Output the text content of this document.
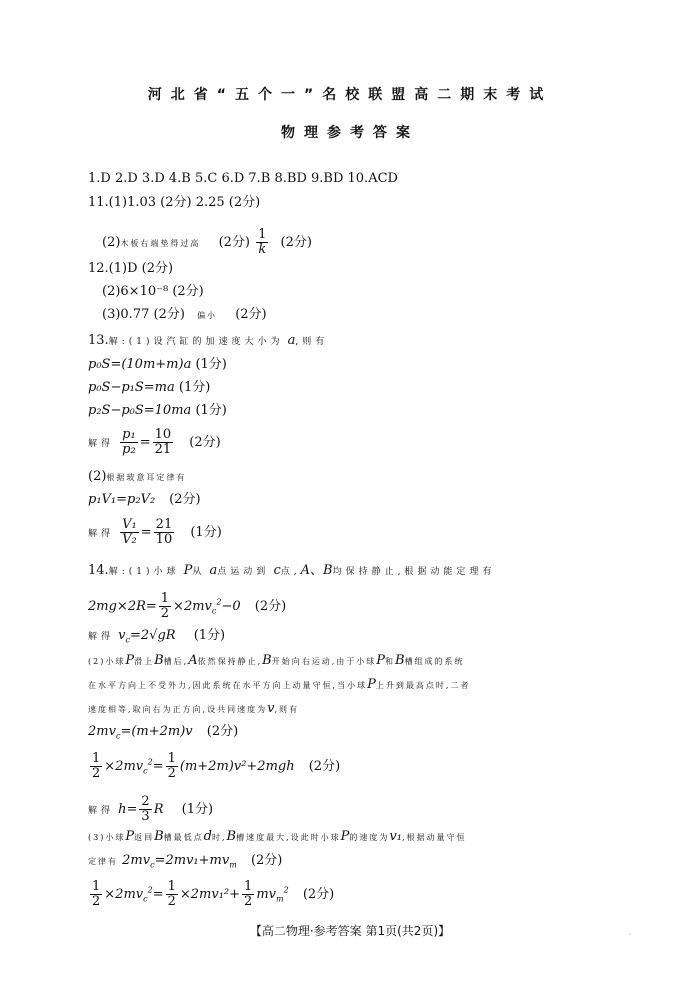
河北省“五个一”名校联盟高二期末考试
物理参考答案
1.D 2.D 3.D 4.B 5.C 6.D 7.B 8.BD 9.BD 10.ACD
11.(1)1.03 (2分) 2.25 (2分)
(2)木板右端垫得过高 (2分) $\frac{1}{k} (2$分)
12.(1)D (2分)
(2)6×10⁻⁸ (2分)
(3)0.77 (2分) 偏小 (2分)
13.解:(1)设汽缸的加速度大小为 a,则有
p₀S=(10m+m)a (1分)
p₀S−p₁S=ma (1分)
p₂S−p₀S=10ma (1分)
解得 $\frac{\text{p₁}}{\text{p₂}} = \frac{10}{21} (2$分)
(2)根据玻意耳定律有
p₁V₁=p₂V₂ (2分)
解得 $\frac{\text{V₁}}{\text{V₂}} = \frac{21}{10} (1$分)
14.解:(1)小球 P从 a点运动到 c点,A、B均保持静止,根据动能定理有
$2mg\times 2R= \frac{1}{2} \times 2mv_c^2-0$ (2分)
解得 $v_c=2√gR$ (1分)
(2)小球P滑上B槽后,A依然保持静止,B开始向右运动,由于小球P和B槽组成的系统
在水平方向上不受外力,因此系统在水平方向上动量守恒,当小球P上升到最高点时,二者
速度相等,取向右为正方向,设共同速度为v,则有
$2mv_c=(m+2m)v$ (2分)
$\frac{1}{2} \times 2mv_c^2= \frac{1}{2} (m+2m)v^2+2mgh$ (2分)
解得 $h= \frac{2}{3}$ R (1分)
(3)小球P返回B槽最低点d时,B槽速度最大,设此时小球P的速度为v₁,根据动量守恒
定律有 $2mv_c=2mv_1+mv_m$ (2分)
$\frac{1}{2} \times 2mv_c^2= \frac{1}{2} \times 2mv_1^2+ \frac{1}{2} mv_m^2$ (2分)
【高二物理·参考答案 第1页(共2页)】	·
